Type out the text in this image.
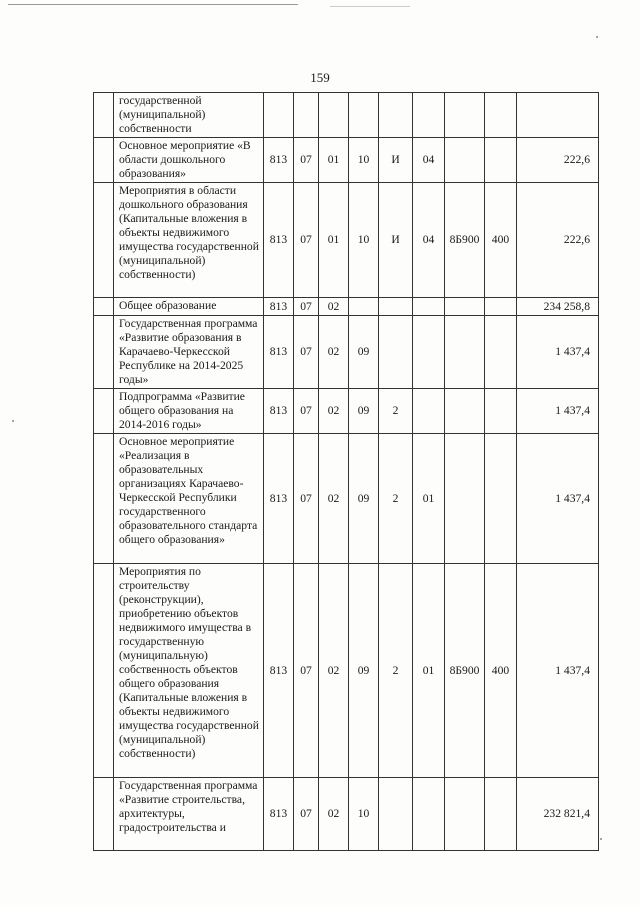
159
	государственной (муниципальной) собственности									
	Основное мероприятие «В области дошкольного образования»	813	07	01	10	И	04			222,6
	Мероприятия в области дошкольного образования (Капитальные вложения в объекты недвижимого имущества государственной (муниципальной) собственности)	813	07	01	10	И	04	8Б900	400	222,6
	Общее образование	813	07	02						234 258,8
	Государственная программа «Развитие образования в Карачаево-Черкесской Республике на 2014-2025 годы»	813	07	02	09					1 437,4
	Подпрограмма «Развитие общего образования на 2014-2016 годы»	813	07	02	09	2				1 437,4
	Основное мероприятие «Реализация в образовательных организациях Карачаево-Черкесской Республики государственного образовательного стандарта общего образования»	813	07	02	09	2	01			1 437,4
	Мероприятия по строительству (реконструкции), приобретению объектов недвижимого имущества в государственную (муниципальную) собственность объектов общего образования (Капитальные вложения в объекты недвижимого имущества государственной (муниципальной) собственности)	813	07	02	09	2	01	8Б900	400	1 437,4
	Государственная программа «Развитие строительства, архитектуры, градостроительства и	813	07	02	10					232 821,4
